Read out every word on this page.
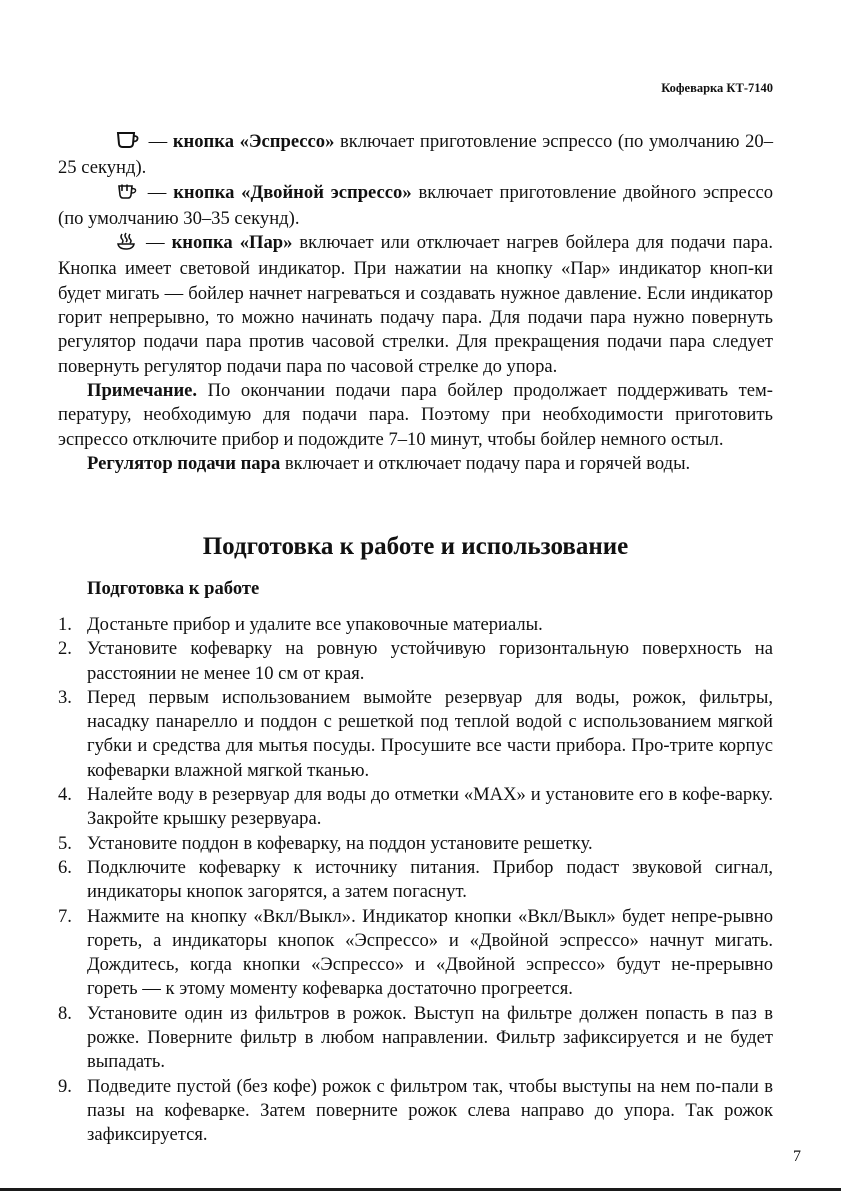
Кофеварка КТ-7140

— кнопка «Эспрессо» включает приготовление эспрессо (по умолчанию 20–25 секунд).

— кнопка «Двойной эспрессо» включает приготовление двойного эспрессо (по умолчанию 30–35 секунд).

— кнопка «Пар» включает или отключает нагрев бойлера для подачи пара. Кнопка имеет световой индикатор. При нажатии на кнопку «Пар» индикатор кноп-ки будет мигать — бойлер начнет нагреваться и создавать нужное давление. Если индикатор горит непрерывно, то можно начинать подачу пара. Для подачи пара нужно повернуть регулятор подачи пара против часовой стрелки. Для прекращения подачи пара следует повернуть регулятор подачи пара по часовой стрелке до упора.

Примечание. По окончании подачи пара бойлер продолжает поддерживать тем-пературу, необходимую для подачи пара. Поэтому при необходимости приготовить эспрессо отключите прибор и подождите 7–10 минут, чтобы бойлер немного остыл.

Регулятор подачи пара включает и отключает подачу пара и горячей воды.

Подготовка к работе и использование

Подготовка к работе

1. Достаньте прибор и удалите все упаковочные материалы.
2. Установите кофеварку на ровную устойчивую горизонтальную поверхность на расстоянии не менее 10 см от края.
3. Перед первым использованием вымойте резервуар для воды, рожок, фильтры, насадку панарелло и поддон с решеткой под теплой водой с использованием мягкой губки и средства для мытья посуды. Просушите все части прибора. Про-трите корпус кофеварки влажной мягкой тканью.
4. Налейте воду в резервуар для воды до отметки «МАХ» и установите его в кофе-варку. Закройте крышку резервуара.
5. Установите поддон в кофеварку, на поддон установите решетку.
6. Подключите кофеварку к источнику питания. Прибор подаст звуковой сигнал, индикаторы кнопок загорятся, а затем погаснут.
7. Нажмите на кнопку «Вкл/Выкл». Индикатор кнопки «Вкл/Выкл» будет непре-рывно гореть, а индикаторы кнопок «Эспрессо» и «Двойной эспрессо» начнут мигать. Дождитесь, когда кнопки «Эспрессо» и «Двойной эспрессо» будут не-прерывно гореть — к этому моменту кофеварка достаточно прогреется.
8. Установите один из фильтров в рожок. Выступ на фильтре должен попасть в паз в рожке. Поверните фильтр в любом направлении. Фильтр зафиксируется и не будет выпадать.
9. Подведите пустой (без кофе) рожок с фильтром так, чтобы выступы на нем по-пали в пазы на кофеварке. Затем поверните рожок слева направо до упора. Так рожок зафиксируется.
7
